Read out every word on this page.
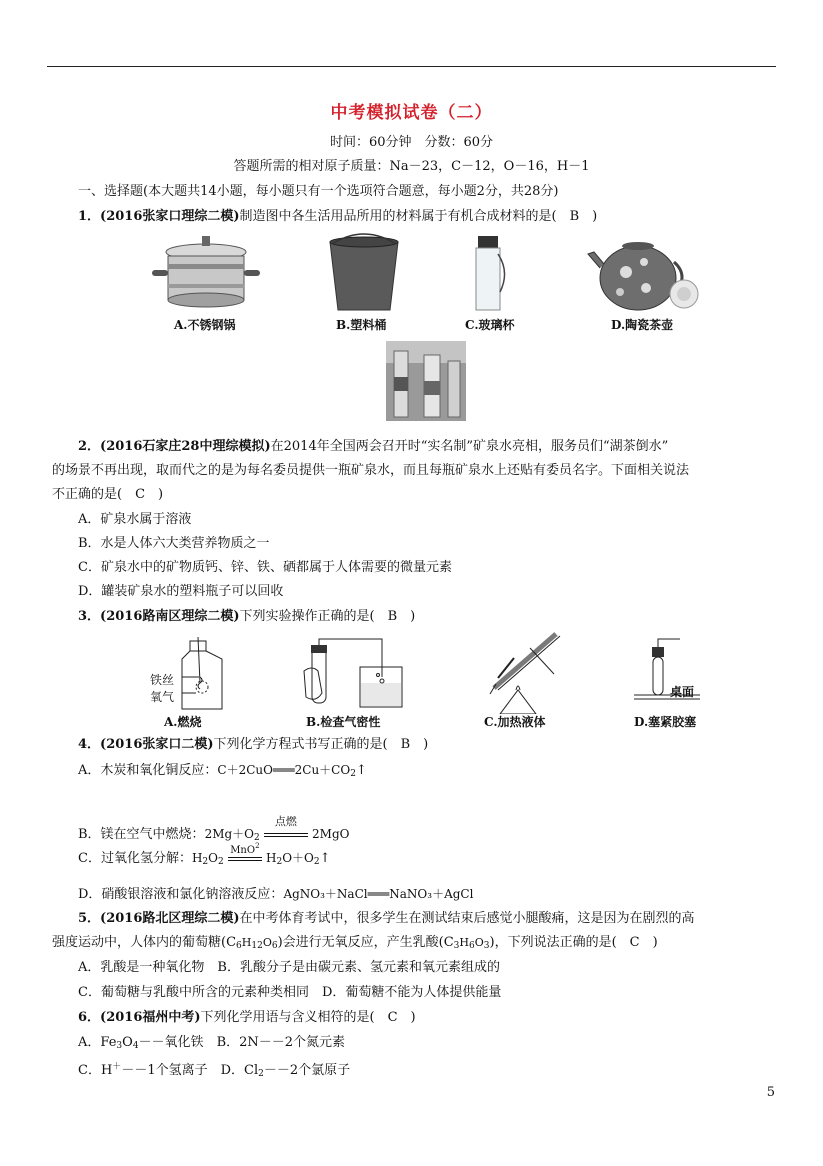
中考模拟试卷（二）
时间：60分钟　分数：60分
答题所需的相对原子质量：Na－23，C－12，O－16，H－1
一、选择题(本大题共14小题，每小题只有一个选项符合题意，每小题2分，共28分)
1．(2016张家口理综二模)制造图中各生活用品所用的材料属于有机合成材料的是(　B　)
A.不锈钢锅	B.塑料桶	C.玻璃杯	D.陶瓷茶壶
2．(2016石家庄28中理综模拟)在2014年全国两会召开时“实名制”矿泉水亮相，服务员们“湖茶倒水”
的场景不再出现，取而代之的是为每名委员提供一瓶矿泉水，而且每瓶矿泉水上还贴有委员名字。下面相关说法
不正确的是(　C　)
A．矿泉水属于溶液
B．水是人体六大类营养物质之一
C．矿泉水中的矿物质钙、锌、铁、硒都属于人体需要的微量元素
D．罐装矿泉水的塑料瓶子可以回收
3．(2016路南区理综二模)下列实验操作正确的是(　B　)
铁丝
氧气	桌面
A.燃烧	B.检查气密性	C.加热液体	D.塞紧胶塞
4．(2016张家口二模)下列化学方程式书写正确的是(　B　)
A．木炭和氧化铜反应：$C+2CuO═══2Cu+CO_2↑$
B．镁在空气中燃烧：$2Mg+O_2$
点燃
2MgO
C．过氧化氢分解：$H_2O_2$
MnO$^2$
$H_2O+O_2↑$
D．硝酸银溶液和氯化钠溶液反应：AgNO₃＋NaCl═══NaNO₃＋AgCl
5．(2016路北区理综二模)在中考体育考试中，很多学生在测试结束后感觉小腿酸痛，这是因为在剧烈的高
强度运动中，人体内的葡萄糖$(C_6H_{12}O_6)$会进行无氧反应，产生乳酸$(C_3H_6O_3)$，下列说法正确的是(　C　)
A．乳酸是一种氧化物　B．乳酸分子是由碳元素、氢元素和氧元素组成的
C．葡萄糖与乳酸中所含的元素种类相同　D．葡萄糖不能为人体提供能量
6．(2016福州中考)下列化学用语与含义相符的是(　C　)
A．$Fe_3O_4--$氧化铁　B．2N－－2个氮元素
C．H＋－－1个氢离子　D．$Cl_2--2$个氯原子
5
